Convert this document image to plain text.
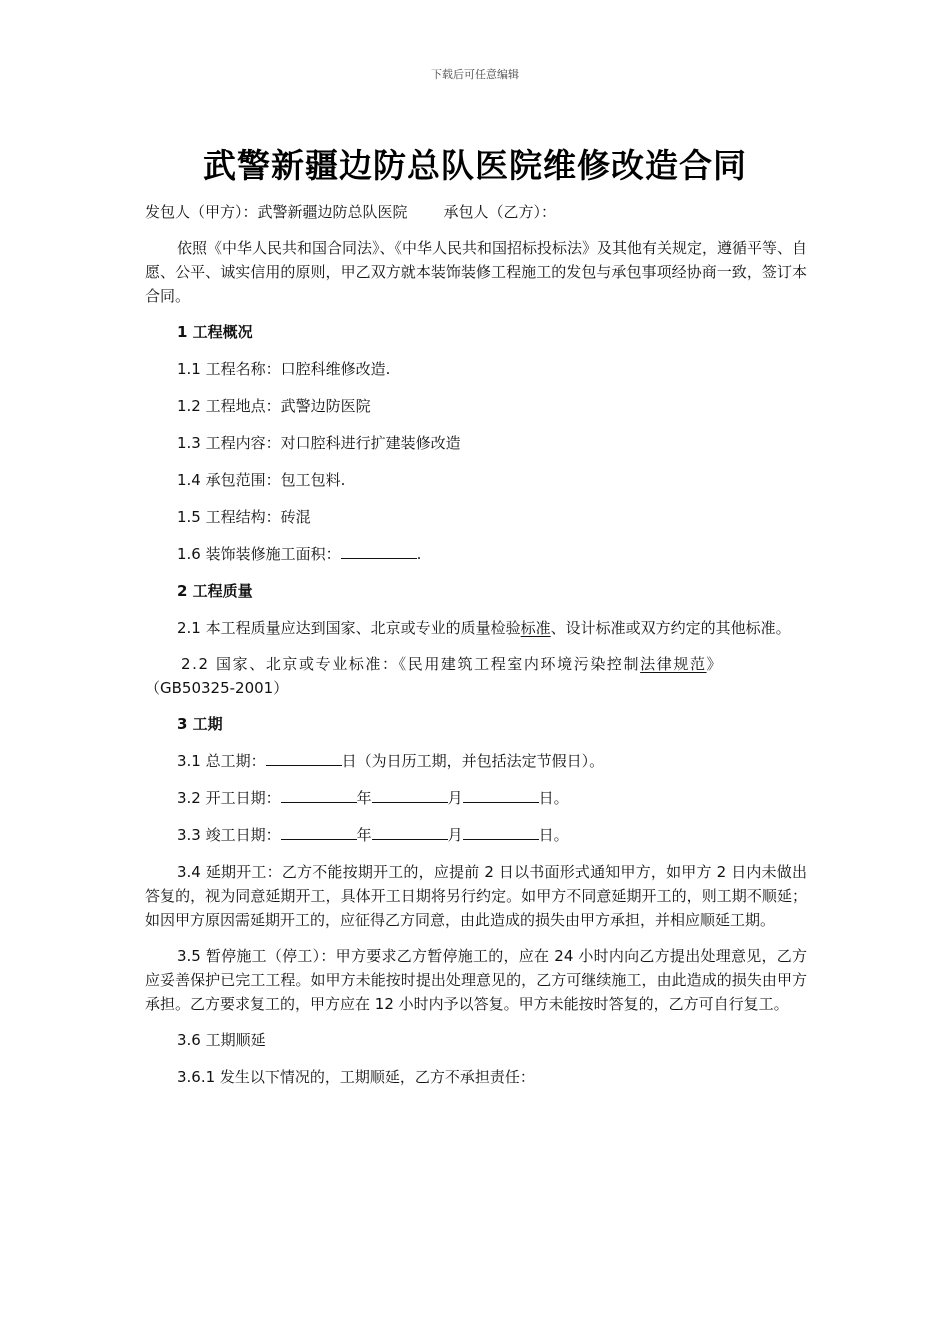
下载后可任意编辑
武警新疆边防总队医院维修改造合同

发包人（甲方）：武警新疆边防总队医院 承包人（乙方）：

依照《中华人民共和国合同法》、《中华人民共和国招标投标法》及其他有关规定，遵循平等、自愿、公平、诚实信用的原则，甲乙双方就本装饰装修工程施工的发包与承包事项经协商一致，签订本合同。

1 工程概况

1.1 工程名称：口腔科维修改造.

1.2 工程地点：武警边防医院

1.3 工程内容：对口腔科进行扩建装修改造

1.4 承包范围：包工包料.

1.5 工程结构：砖混

1.6 装饰装修施工面积：	.

2 工程质量

2.1 本工程质量应达到国家、北京或专业的质量检验标准、设计标准或双方约定的其他标准。

2.2 国家、北京或专业标准：《民用建筑工程室内环境污染控制法律规范》
（GB50325-2001）

3 工期

3.1 总工期：	日（为日历工期，并包括法定节假日）。

3.2 开工日期：	年	月	日。

3.3 竣工日期：	年	月	日。

3.4 延期开工：乙方不能按期开工的，应提前 2 日以书面形式通知甲方，如甲方 2 日内未做出答复的，视为同意延期开工，具体开工日期将另行约定。如甲方不同意延期开工的，则工期不顺延；如因甲方原因需延期开工的，应征得乙方同意，由此造成的损失由甲方承担，并相应顺延工期。

3.5 暂停施工（停工）：甲方要求乙方暂停施工的，应在 24 小时内向乙方提出处理意见，乙方应妥善保护已完工工程。如甲方未能按时提出处理意见的，乙方可继续施工，由此造成的损失由甲方承担。乙方要求复工的，甲方应在 12 小时内予以答复。甲方未能按时答复的，乙方可自行复工。

3.6 工期顺延

3.6.1 发生以下情况的，工期顺延，乙方不承担责任：
